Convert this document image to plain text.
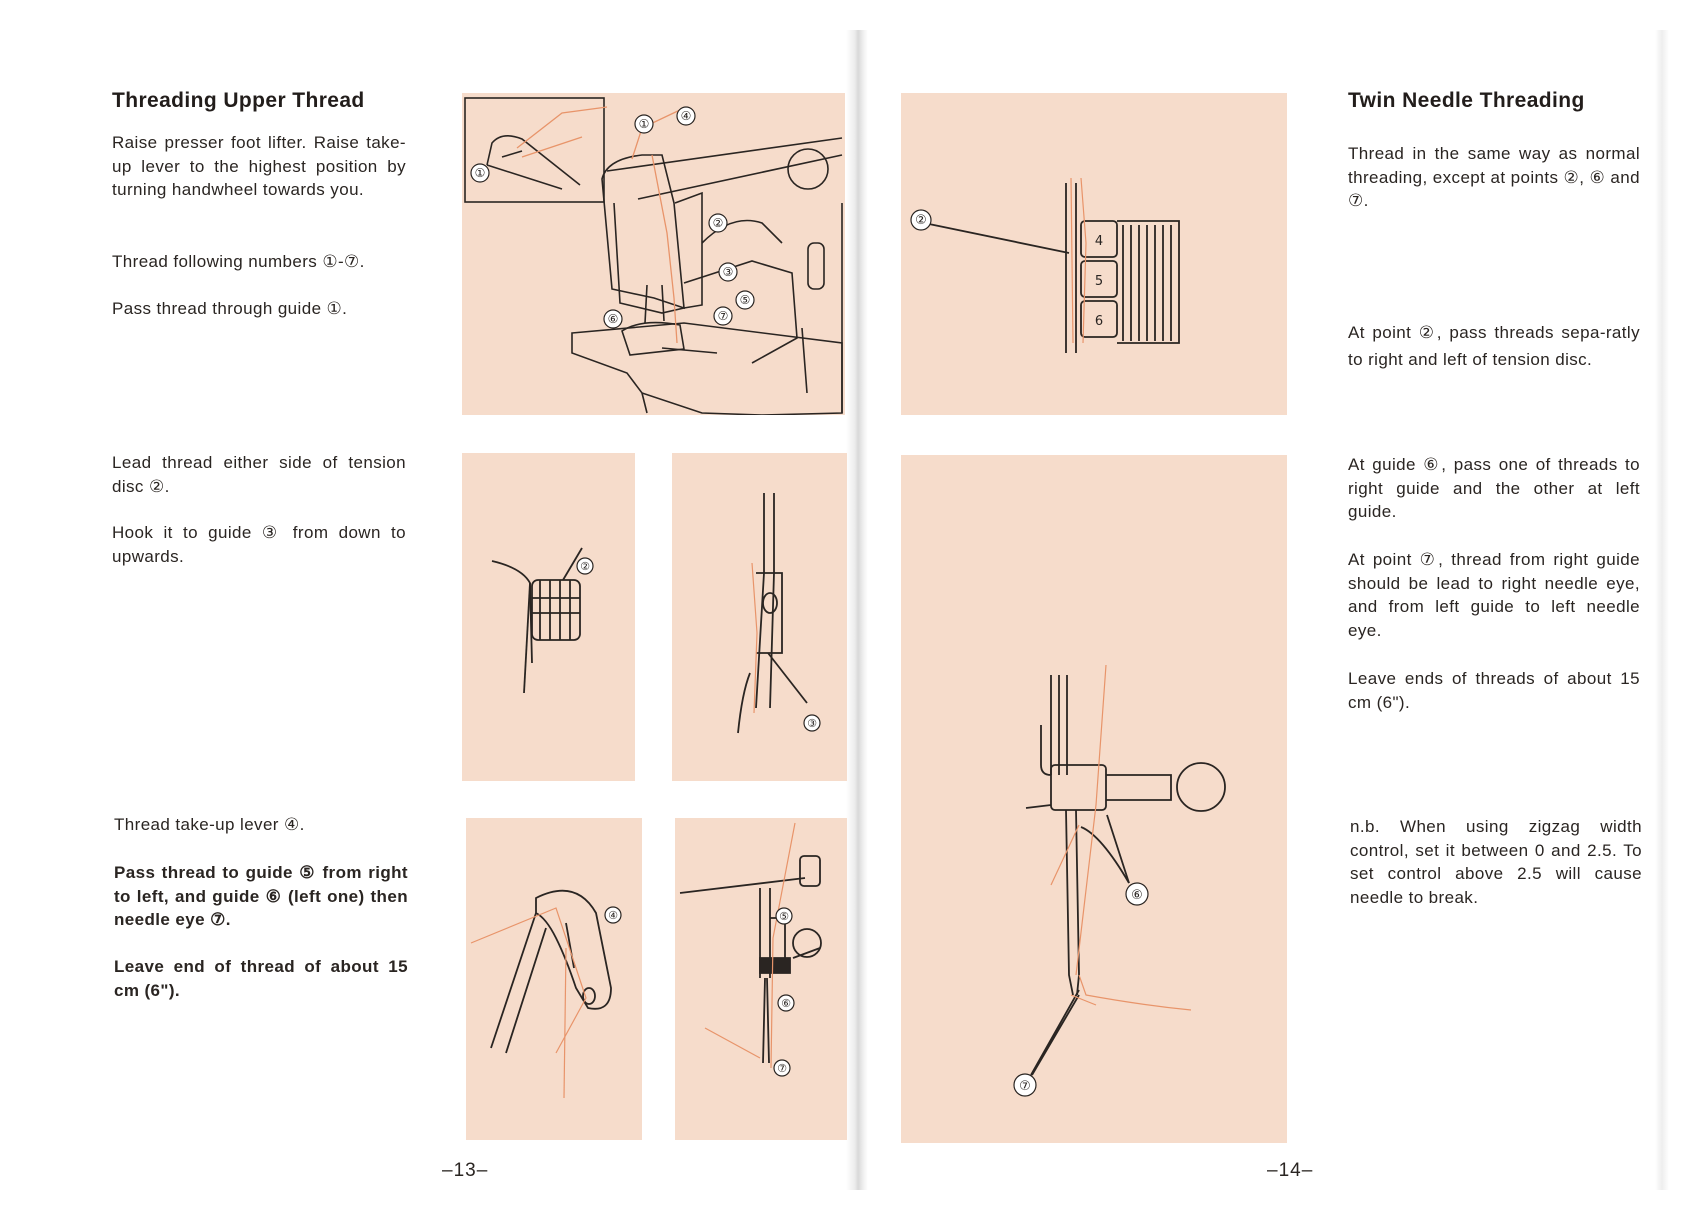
Threading Upper Thread

Raise presser foot lifter. Raise take-up lever to the highest position by turning handwheel towards you.

Thread following numbers ①-⑦.

Pass thread through guide ①.

Lead thread either side of tension disc ②.

Hook it to guide ③ from down to upwards.

Thread take-up lever ④.

Pass thread to guide ⑤ from right to left, and guide ⑥ (left one) then needle eye ⑦.

Leave end of thread of about 15 cm (6").

–13–
①
①
④
②
③
⑤
⑥	⑦
②
③
④	⑤
⑥
⑦
②
4
5
6
⑥
⑦
Twin Needle Threading

Thread in the same way as normal threading, except at points ②, ⑥ and ⑦.

At point ②, pass threads sepa-ratly to right and left of tension disc.

At guide ⑥, pass one of threads to right guide and the other at left guide.

At point ⑦, thread from right guide should be lead to right needle eye, and from left guide to left needle eye.

Leave ends of threads of about 15 cm (6").

n.b. When using zigzag width control, set it between 0 and 2.5. To set control above 2.5 will cause needle to break.

–14–
